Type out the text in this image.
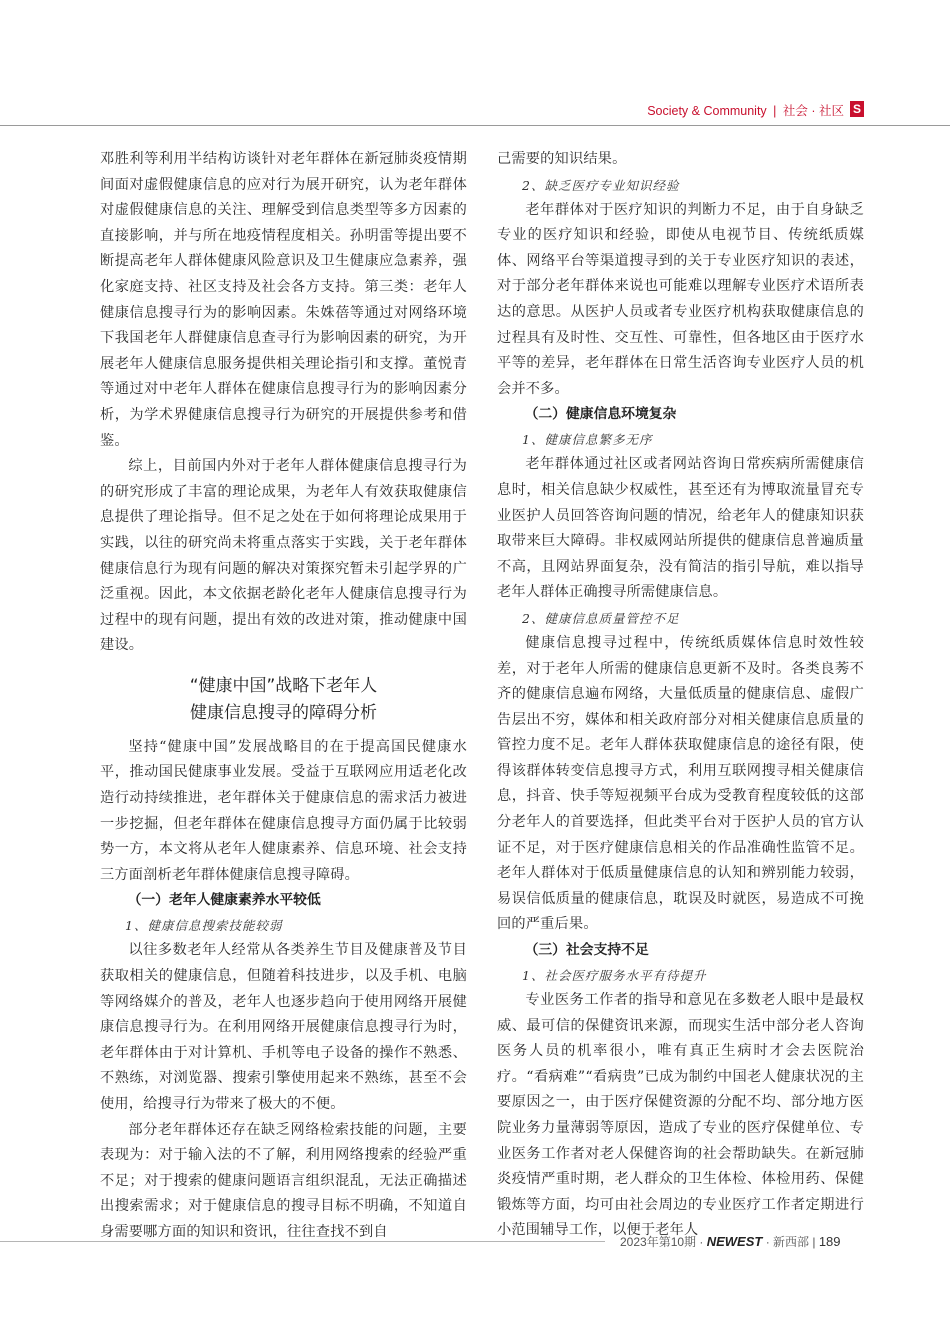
Society & Community | 社会 · 社区 S

邓胜利等利用半结构访谈针对老年群体在新冠肺炎疫情期间面对虚假健康信息的应对行为展开研究，认为老年群体对虚假健康信息的关注、理解受到信息类型等多方因素的直接影响，并与所在地疫情程度相关。孙明雷等提出要不断提高老年人群体健康风险意识及卫生健康应急素养，强化家庭支持、社区支持及社会各方支持。第三类：老年人健康信息搜寻行为的影响因素。朱姝蓓等通过对网络环境下我国老年人群健康信息查寻行为影响因素的研究，为开展老年人健康信息服务提供相关理论指引和支撑。董悦青等通过对中老年人群体在健康信息搜寻行为的影响因素分析，为学术界健康信息搜寻行为研究的开展提供参考和借鉴。

综上，目前国内外对于老年人群体健康信息搜寻行为的研究形成了丰富的理论成果，为老年人有效获取健康信息提供了理论指导。但不足之处在于如何将理论成果用于实践，以往的研究尚未将重点落实于实践，关于老年群体健康信息行为现有问题的解决对策探究暂未引起学界的广泛重视。因此，本文依据老龄化老年人健康信息搜寻行为过程中的现有问题，提出有效的改进对策，推动健康中国建设。

“健康中国”战略下老年人
健康信息搜寻的障碍分析

坚持“健康中国”发展战略目的在于提高国民健康水平，推动国民健康事业发展。受益于互联网应用适老化改造行动持续推进，老年群体关于健康信息的需求活力被进一步挖掘，但老年群体在健康信息搜寻方面仍属于比较弱势一方，本文将从老年人健康素养、信息环境、社会支持三方面剖析老年群体健康信息搜寻障碍。

（一）老年人健康素养水平较低

1、健康信息搜索技能较弱

以往多数老年人经常从各类养生节目及健康普及节目获取相关的健康信息，但随着科技进步，以及手机、电脑等网络媒介的普及，老年人也逐步趋向于使用网络开展健康信息搜寻行为。在利用网络开展健康信息搜寻行为时，老年群体由于对计算机、手机等电子设备的操作不熟悉、不熟练，对浏览器、搜索引擎使用起来不熟练，甚至不会使用，给搜寻行为带来了极大的不便。

部分老年群体还存在缺乏网络检索技能的问题，主要表现为：对于输入法的不了解，利用网络搜索的经验严重不足；对于搜索的健康问题语言组织混乱，无法正确描述出搜索需求；对于健康信息的搜寻目标不明确，不知道自身需要哪方面的知识和资讯，往往查找不到自

己需要的知识结果。

2、缺乏医疗专业知识经验

老年群体对于医疗知识的判断力不足，由于自身缺乏专业的医疗知识和经验，即使从电视节目、传统纸质媒体、网络平台等渠道搜寻到的关于专业医疗知识的表述，对于部分老年群体来说也可能难以理解专业医疗术语所表达的意思。从医护人员或者专业医疗机构获取健康信息的过程具有及时性、交互性、可靠性，但各地区由于医疗水平等的差异，老年群体在日常生活咨询专业医疗人员的机会并不多。

（二）健康信息环境复杂

1、健康信息繁多无序

老年群体通过社区或者网站咨询日常疾病所需健康信息时，相关信息缺少权威性，甚至还有为博取流量冒充专业医护人员回答咨询问题的情况，给老年人的健康知识获取带来巨大障碍。非权威网站所提供的健康信息普遍质量不高，且网站界面复杂，没有简洁的指引导航，难以指导老年人群体正确搜寻所需健康信息。

2、健康信息质量管控不足

健康信息搜寻过程中，传统纸质媒体信息时效性较差，对于老年人所需的健康信息更新不及时。各类良莠不齐的健康信息遍布网络，大量低质量的健康信息、虚假广告层出不穷，媒体和相关政府部分对相关健康信息质量的管控力度不足。老年人群体获取健康信息的途径有限，使得该群体转变信息搜寻方式，利用互联网搜寻相关健康信息，抖音、快手等短视频平台成为受教育程度较低的这部分老年人的首要选择，但此类平台对于医护人员的官方认证不足，对于医疗健康信息相关的作品准确性监管不足。老年人群体对于低质量健康信息的认知和辨别能力较弱，易误信低质量的健康信息，耽误及时就医，易造成不可挽回的严重后果。

（三）社会支持不足

1、社会医疗服务水平有待提升

专业医务工作者的指导和意见在多数老人眼中是最权威、最可信的保健资讯来源，而现实生活中部分老人咨询医务人员的机率很小，唯有真正生病时才会去医院治疗。“看病难”“看病贵”已成为制约中国老人健康状况的主要原因之一，由于医疗保健资源的分配不均、部分地方医院业务力量薄弱等原因，造成了专业的医疗保健单位、专业医务工作者对老人保健咨询的社会帮助缺失。在新冠肺炎疫情严重时期，老人群众的卫生体检、体检用药、保健锻炼等方面，均可由社会周边的专业医疗工作者定期进行小范围辅导工作，以便于老年人

2023年第10期 · NEWEST · 新西部 | 189
